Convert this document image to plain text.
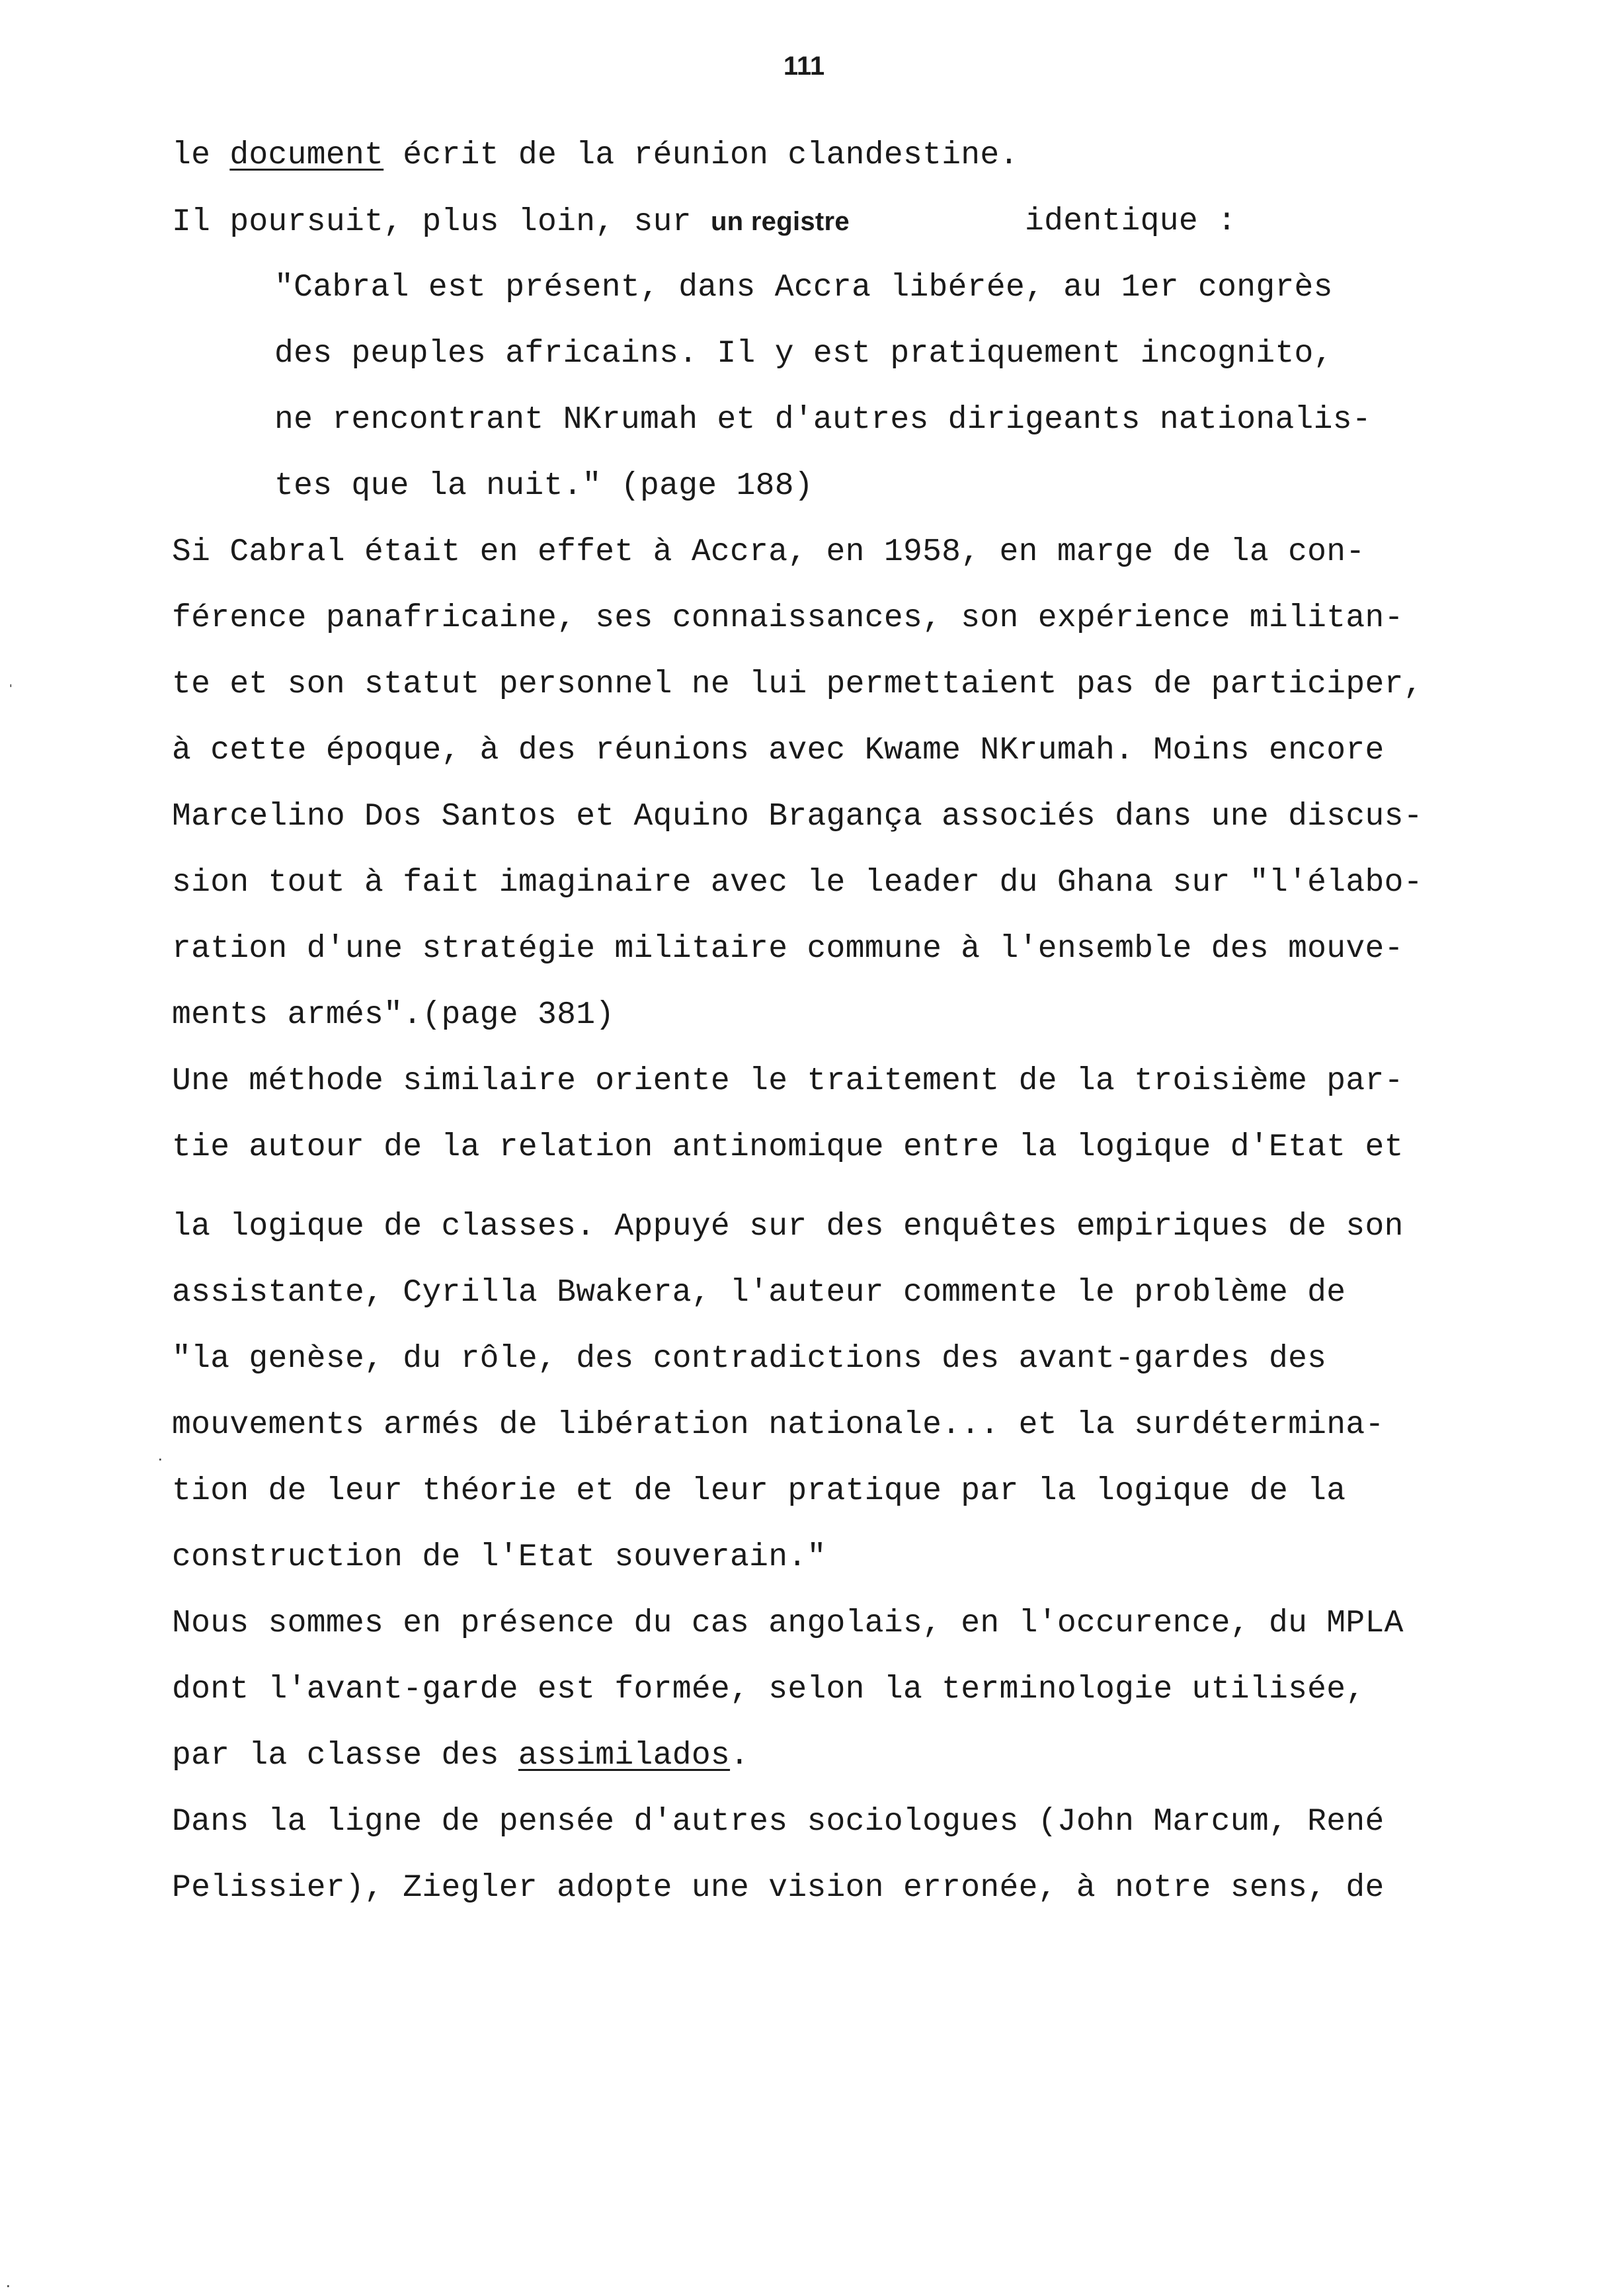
111
le document écrit de la réunion clandestine.
Il poursuit, plus loin, sur un registre	identique :
"Cabral est présent, dans Accra libérée, au 1er congrès
des peuples africains. Il y est pratiquement incognito,
ne rencontrant NKrumah et d'autres dirigeants nationalis-
tes que la nuit." (page 188)
Si Cabral était en effet à Accra, en 1958, en marge de la con-
férence panafricaine, ses connaissances, son expérience militan-
te et son statut personnel ne lui permettaient pas de participer,
à cette époque, à des réunions avec Kwame NKrumah. Moins encore
Marcelino Dos Santos et Aquino Bragança associés dans une discus-
sion tout à fait imaginaire avec le leader du Ghana sur "l'élabo-
ration d'une stratégie militaire commune à l'ensemble des mouve-
ments armés".(page 381)
Une méthode similaire oriente le traitement de la troisième par-
tie autour de la relation antinomique entre la logique d'Etat et
la logique de classes. Appuyé sur des enquêtes empiriques de son
assistante, Cyrilla Bwakera, l'auteur commente le problème de
"la genèse, du rôle, des contradictions des avant-gardes des
mouvements armés de libération nationale... et la surdétermina-
tion de leur théorie et de leur pratique par la logique de la
construction de l'Etat souverain."
Nous sommes en présence du cas angolais, en l'occurence, du MPLA
dont l'avant-garde est formée, selon la terminologie utilisée,
par la classe des assimilados.
Dans la ligne de pensée d'autres sociologues (John Marcum, René
Pelissier), Ziegler adopte une vision erronée, à notre sens, de
ˌ
·
·
